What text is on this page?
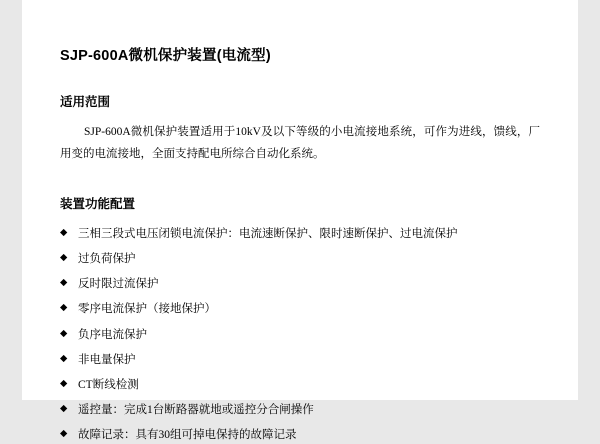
SJP-600A微机保护装置(电流型)
适用范围

SJP-600A微机保护装置适用于10kV及以下等级的小电流接地系统，可作为进线，馈线，厂用变的电流接地，全面支持配电所综合自动化系统。

装置功能配置
◆ 三相三段式电压闭锁电流保护：电流速断保护、限时速断保护、过电流保护
◆ 过负荷保护
◆ 反时限过流保护
◆ 零序电流保护（接地保护）
◆ 负序电流保护
◆ 非电量保护
◆ CT断线检测
◆ 遥控量：完成1台断路器就地或遥控分合闸操作
◆ 故障记录：具有30组可掉电保持的故障记录
